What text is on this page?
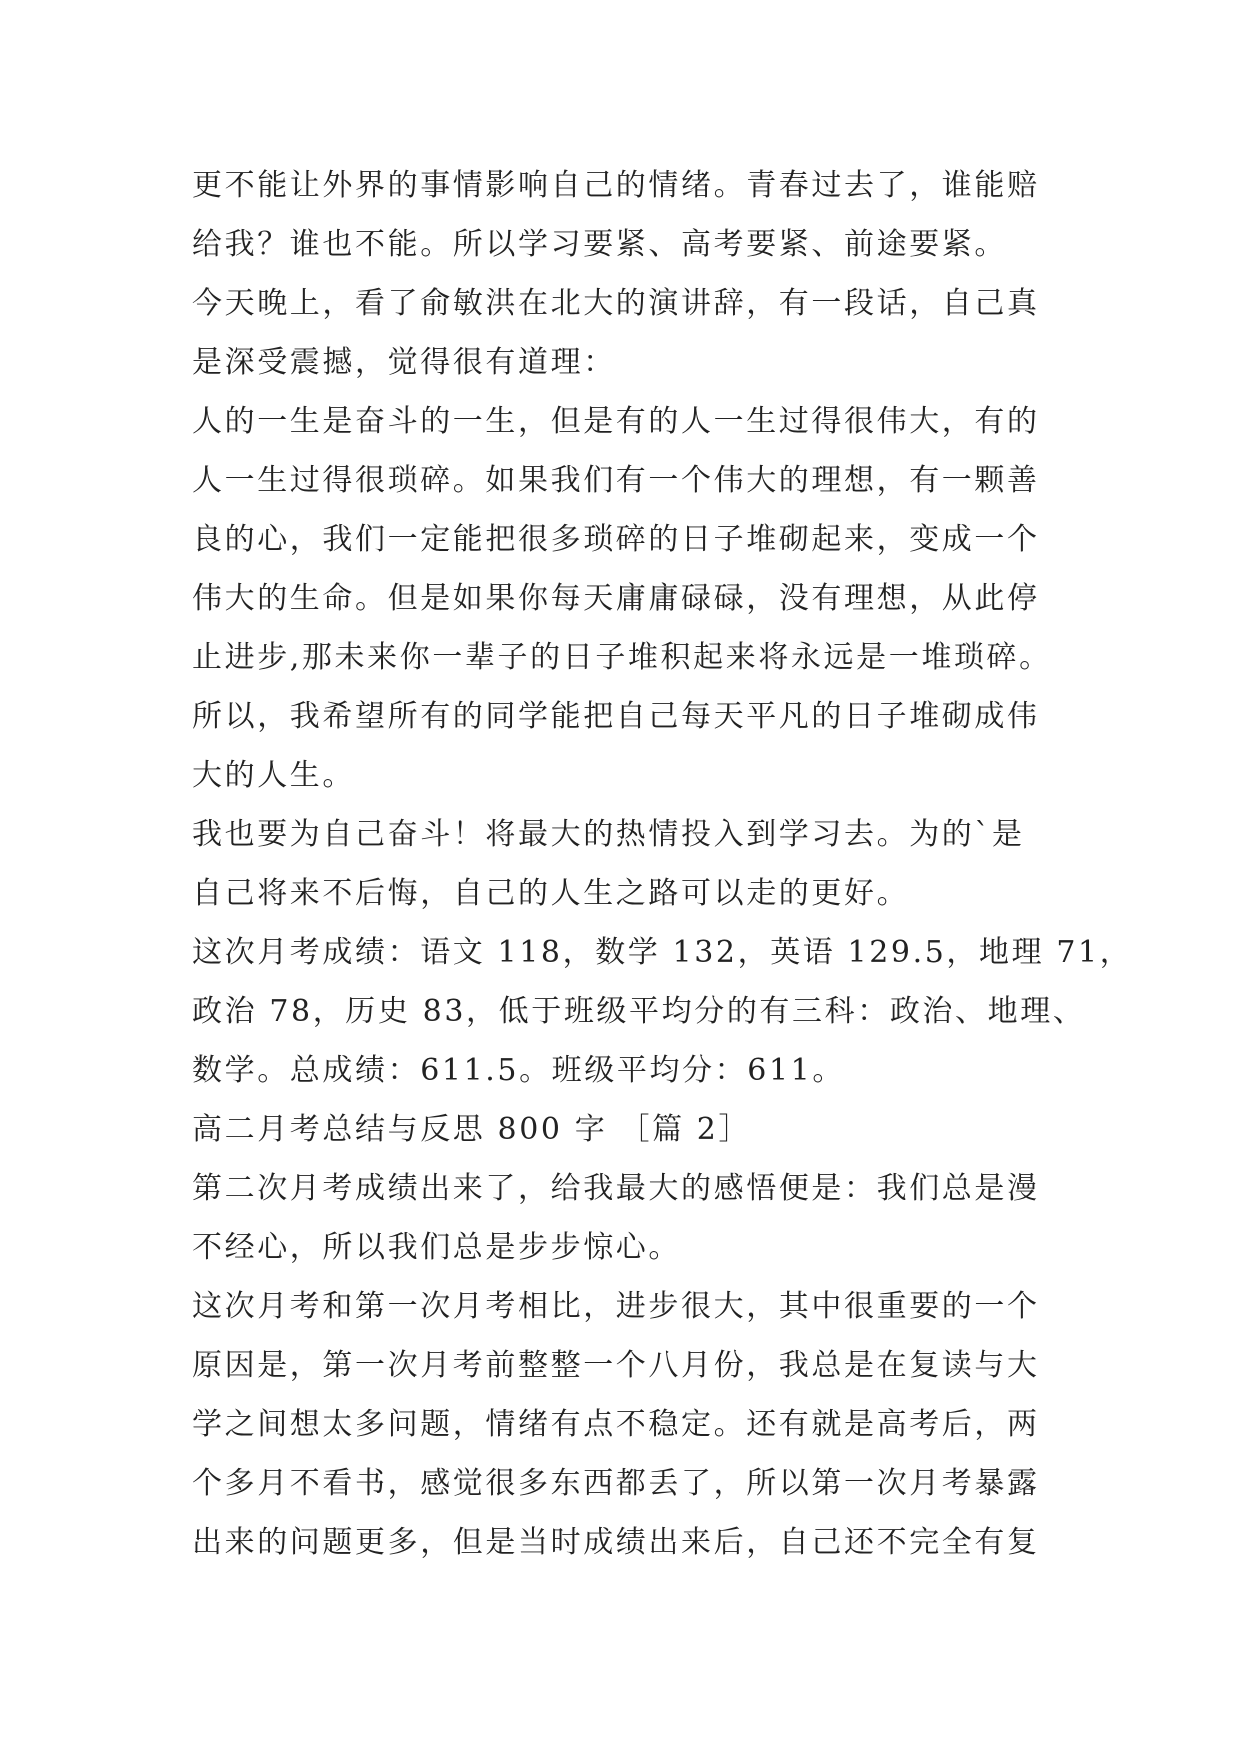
更不能让外界的事情影响自己的情绪。青春过去了，谁能赔
给我？谁也不能。所以学习要紧、高考要紧、前途要紧。
今天晚上，看了俞敏洪在北大的演讲辞，有一段话，自己真
是深受震撼，觉得很有道理：
人的一生是奋斗的一生，但是有的人一生过得很伟大，有的
人一生过得很琐碎。如果我们有一个伟大的理想，有一颗善
良的心，我们一定能把很多琐碎的日子堆砌起来，变成一个
伟大的生命。但是如果你每天庸庸碌碌，没有理想，从此停
止进步,那未来你一辈子的日子堆积起来将永远是一堆琐碎。
所以，我希望所有的同学能把自己每天平凡的日子堆砌成伟
大的人生。
我也要为自己奋斗！将最大的热情投入到学习去。为的`是
自己将来不后悔，自己的人生之路可以走的更好。
这次月考成绩：语文 118，数学 132，英语 129.5，地理 71，
政治 78，历史 83，低于班级平均分的有三科：政治、地理、
数学。总成绩：611.5。班级平均分：611。
高二月考总结与反思 800 字 ［篇 2］
第二次月考成绩出来了，给我最大的感悟便是：我们总是漫
不经心，所以我们总是步步惊心。
这次月考和第一次月考相比，进步很大，其中很重要的一个
原因是，第一次月考前整整一个八月份，我总是在复读与大
学之间想太多问题，情绪有点不稳定。还有就是高考后，两
个多月不看书，感觉很多东西都丢了，所以第一次月考暴露
出来的问题更多，但是当时成绩出来后，自己还不完全有复
